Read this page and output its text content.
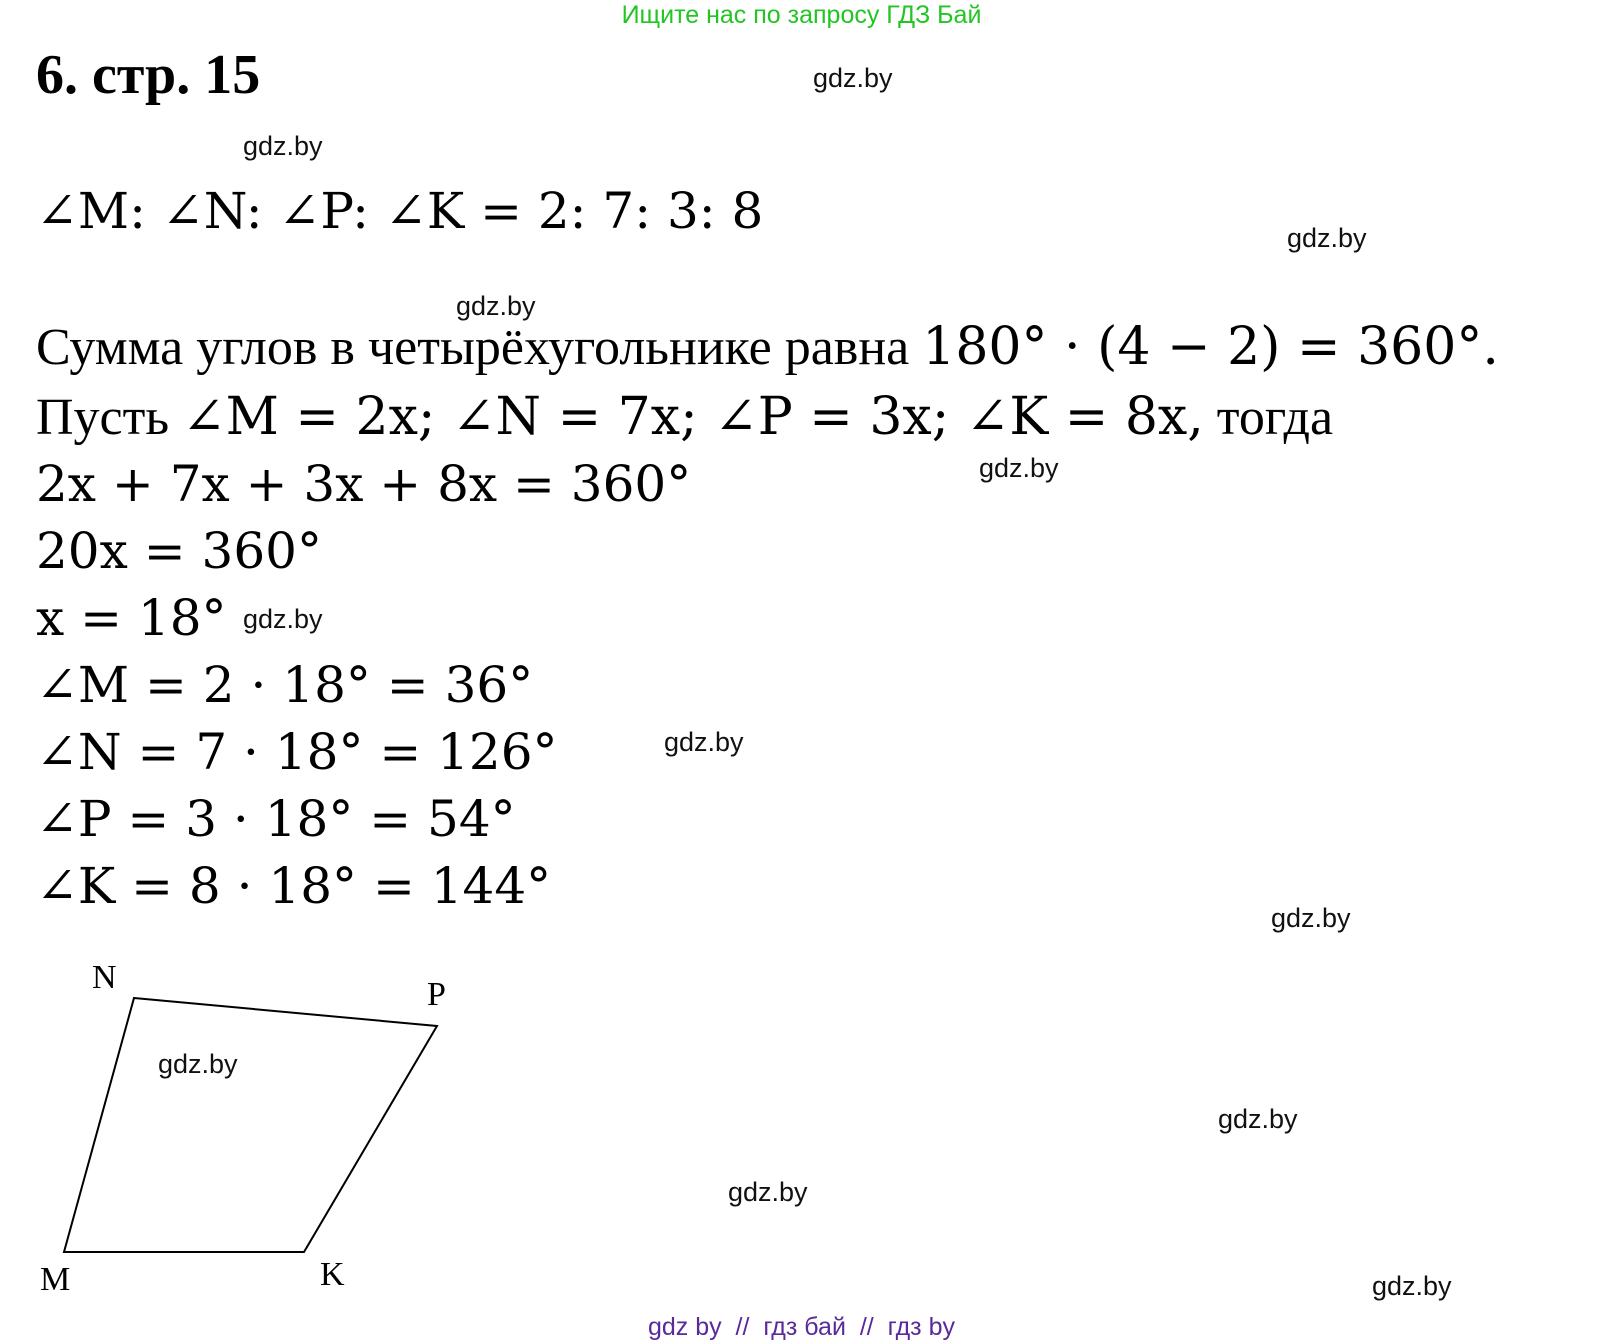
Ищите нас по запросу ГДЗ Бай
6. стр. 15	gdz.by
gdz.by
gdz.by
gdz.by
gdz.by
gdz.by
gdz.by
gdz.by
gdz.by
gdz.by
gdz.by
gdz.by
∠M: ∠N: ∠P: ∠K = 2: 7: 3: 8
Сумма углов в четырёхугольнике равна 180° · (4 − 2) = 360°.
Пусть ∠M = 2x; ∠N = 7x; ∠P = 3x; ∠K = 8x, тогда
2x + 7x + 3x + 8x = 360°
20x = 360°
x = 18°
∠M = 2 · 18° = 36°
∠N = 7 · 18° = 126°
∠P = 3 · 18° = 54°
∠K = 8 · 18° = 144°
N	P
M	K
gdz by  //  гдз бай  //  гдз by
